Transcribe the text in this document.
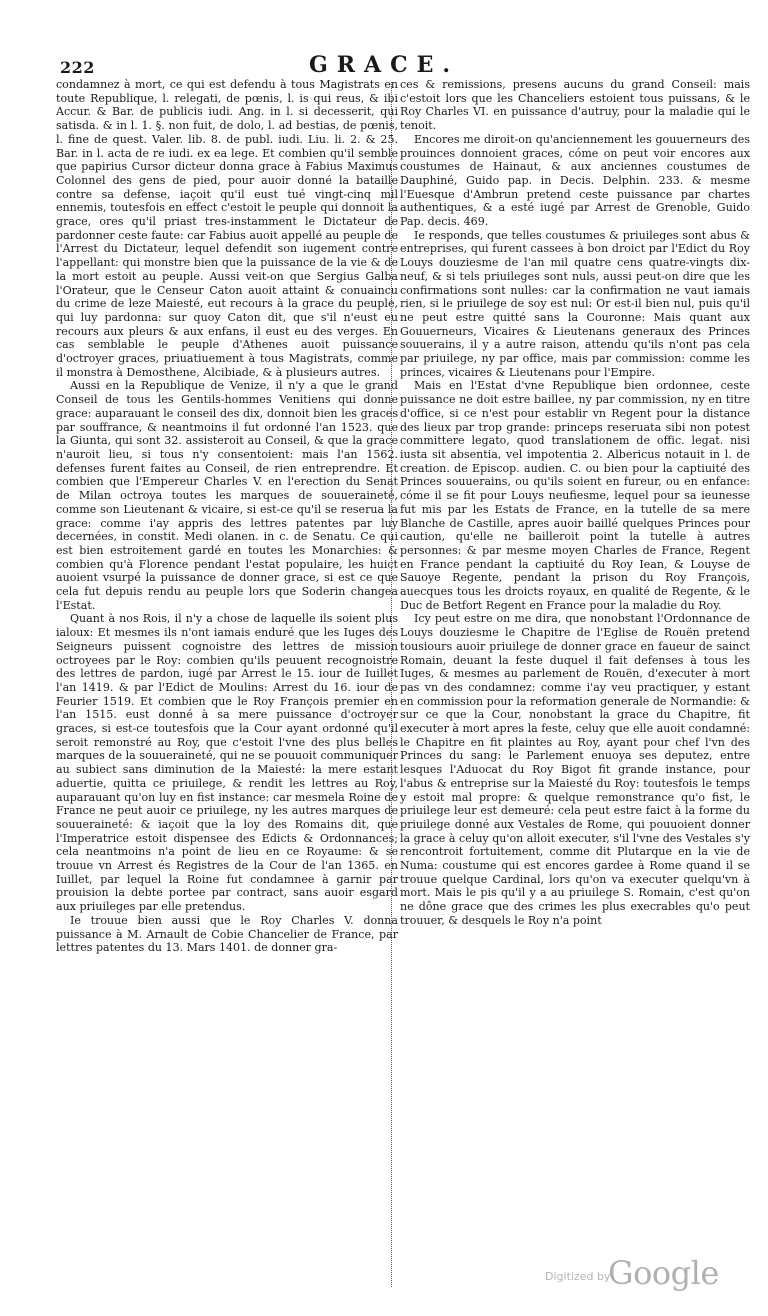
222	GRACE.

condamnez à mort, ce qui est defendu à tous Magistrats en toute Republique, l. relegati, de pœnis, l. is qui reus, & ibi Accur. & Bar. de publicis iudi. Ang. in l. si decesserit, qui satisda. & in l. 1. §. non fuit, de dolo, l. ad bestias, de pœnis, l. fine de quest. Valer. lib. 8. de publ. iudi. Liu. li. 2. & 25. Bar. in l. acta de re iudi. ex ea lege. Et combien qu'il semble que papirius Cursor dicteur donna grace à Fabius Maximus Colonnel des gens de pied, pour auoir donné la bataille contre sa defense, iaçoit qu'il eust tué vingt-cinq mil ennemis, toutesfois en effect c'estoit le peuple qui donnoit la grace, ores qu'il priast tres-instamment le Dictateur de pardonner ceste faute: car Fabius auoit appellé au peuple de l'Arrest du Dictateur, lequel defendit son iugement contre l'appellant: qui monstre bien que la puissance de la vie & de la mort estoit au peuple. Aussi veit-on que Sergius Galba l'Orateur, que le Censeur Caton auoit attaint & conuaincu du crime de leze Maiesté, eut recours à la grace du peuple, qui luy pardonna: sur quoy Caton dit, que s'il n'eust eu recours aux pleurs & aux enfans, il eust eu des verges. En cas semblable le peuple d'Athenes auoit puissance d'octroyer graces, priuatiuement à tous Magistrats, comme il monstra à Demosthene, Alcibiade, & à plusieurs autres.

Aussi en la Republique de Venize, il n'y a que le grand Conseil de tous les Gentils-hommes Venitiens qui donne grace: auparauant le conseil des dix, donnoit bien les graces par souffrance, & neantmoins il fut ordonné l'an 1523. que la Giunta, qui sont 32. assisteroit au Conseil, & que la grace n'auroit lieu, si tous n'y consentoient: mais l'an 1562. defenses furent faites au Conseil, de rien entreprendre. Et combien que l'Empereur Charles V. en l'erection du Senat de Milan octroya toutes les marques de souueraineté, comme son Lieutenant & vicaire, si est-ce qu'il se reserua la grace: comme i'ay appris des lettres patentes par luy decernées, in constit. Medi olanen. in c. de Senatu. Ce qui est bien estroitement gardé en toutes les Monarchies: & combien qu'à Florence pendant l'estat populaire, les huict auoient vsurpé la puissance de donner grace, si est ce que cela fut depuis rendu au peuple lors que Soderin changea l'Estat.

Quant à nos Rois, il n'y a chose de laquelle ils soient plus ialoux: Et mesmes ils n'ont iamais enduré que les Iuges des Seigneurs puissent cognoistre des lettres de mission octroyees par le Roy: combien qu'ils peuuent recognoistre des lettres de pardon, iugé par Arrest le 15. iour de Iuillet l'an 1419. & par l'Edict de Moulins: Arrest du 16. iour de Feurier 1519. Et combien que le Roy François premier en l'an 1515. eust donné à sa mere puissance d'octroyer graces, si est-ce toutesfois que la Cour ayant ordonné qu'il seroit remonstré au Roy, que c'estoit l'vne des plus belles marques de la souueraineté, qui ne se pouuoit communiquer au subiect sans diminution de la Maiesté: la mere estant aduertie, quitta ce priuilege, & rendit les lettres au Roy, auparauant qu'on luy en fist instance: car mesmela Roine de France ne peut auoir ce priuilege, ny les autres marques de souueraineté: & iaçoit que la loy des Romains dit, que l'Imperatrice estoit dispensee des Edicts & Ordonnances; cela neantmoins n'a point de lieu en ce Royaume: & se trouue vn Arrest és Registres de la Cour de l'an 1365. en Iuillet, par lequel la Roine fut condamnee à garnir par prouision la debte portee par contract, sans auoir esgard aux priuileges par elle pretendus.

Ie trouue bien aussi que le Roy Charles V. donna puissance à M. Arnault de Cobie Chancelier de France, par lettres patentes du 13. Mars 1401. de donner gra-

ces & remissions, presens aucuns du grand Conseil: mais c'estoit lors que les Chanceliers estoient tous puissans, & le Roy Charles VI. en puissance d'autruy, pour la maladie qui le tenoit.

Encores me diroit-on qu'anciennement les gouuerneurs des prouinces donnoient graces, cóme on peut voir encores aux coustumes de Hainaut, & aux anciennes coustumes de Dauphiné, Guido pap. in Decis. Delphin. 233. & mesme l'Euesque d'Ambrun pretend ceste puissance par chartes authentiques, & a esté iugé par Arrest de Grenoble, Guido Pap. decis. 469.

Ie responds, que telles coustumes & priuileges sont abus & entreprises, qui furent cassees à bon droict par l'Edict du Roy Louys douziesme de l'an mil quatre cens quatre-vingts dix-neuf, & si tels priuileges sont nuls, aussi peut-on dire que les confirmations sont nulles: car la confirmation ne vaut iamais rien, si le priuilege de soy est nul: Or est-il bien nul, puis qu'il ne peut estre quitté sans la Couronne: Mais quant aux Gouuerneurs, Vicaires & Lieutenans generaux des Princes souuerains, il y a autre raison, attendu qu'ils n'ont pas cela par priuilege, ny par office, mais par commission: comme les princes, vicaires & Lieutenans pour l'Empire.

Mais en l'Estat d'vne Republique bien ordonnee, ceste puissance ne doit estre baillee, ny par commission, ny en titre d'office, si ce n'est pour establir vn Regent pour la distance des lieux par trop grande: princeps reseruata sibi non potest committere legato, quod translationem de offic. legat. nisi iusta sit absentia, vel impotentia 2. Albericus notauit in l. de creation. de Episcop. audien. C. ou bien pour la captiuité des Princes souuerains, ou qu'ils soient en fureur, ou en enfance: cóme il se fit pour Louys neufiesme, lequel pour sa ieunesse fut mis par les Estats de France, en la tutelle de sa mere Blanche de Castille, apres auoir baillé quelques Princes pour caution, qu'elle ne bailleroit point la tutelle à autres personnes: & par mesme moyen Charles de France, Regent en France pendant la captiuité du Roy Iean, & Louyse de Sauoye Regente, pendant la prison du Roy François, auecques tous les droicts royaux, en qualité de Regente, & le Duc de Betfort Regent en France pour la maladie du Roy.

Icy peut estre on me dira, que nonobstant l'Ordonnance de Louys douziesme le Chapitre de l'Eglise de Rouën pretend tousiours auoir priuilege de donner grace en faueur de sainct Romain, deuant la feste duquel il fait defenses à tous les Iuges, & mesmes au parlement de Rouën, d'executer à mort pas vn des condamnez: comme i'ay veu practiquer, y estant en commission pour la reformation generale de Normandie: & sur ce que la Cour, nonobstant la grace du Chapitre, fit executer à mort apres la feste, celuy que elle auoit condamné: le Chapitre en fit plaintes au Roy, ayant pour chef l'vn des Princes du sang: le Parlement enuoya ses deputez, entre lesques l'Aduocat du Roy Bigot fit grande instance, pour l'abus & entreprise sur la Maiesté du Roy: toutesfois le temps y estoit mal propre: & quelque remonstrance qu'o fist, le priuilege leur est demeuré: cela peut estre faict à la forme du priuilege donné aux Vestales de Rome, qui pouuoient donner la grace à celuy qu'on alloit executer, s'il l'vne des Vestales s'y rencontroit fortuitement, comme dit Plutarque en la vie de Numa: coustume qui est encores gardee à Rome quand il se trouue quelque Cardinal, lors qu'on va executer quelqu'vn à mort. Mais le pis qu'il y a au priuilege S. Romain, c'est qu'on ne dône grace que des crimes les plus execrables qu'o peut trouuer, & desquels le Roy n'a point

Digitized by
Google
